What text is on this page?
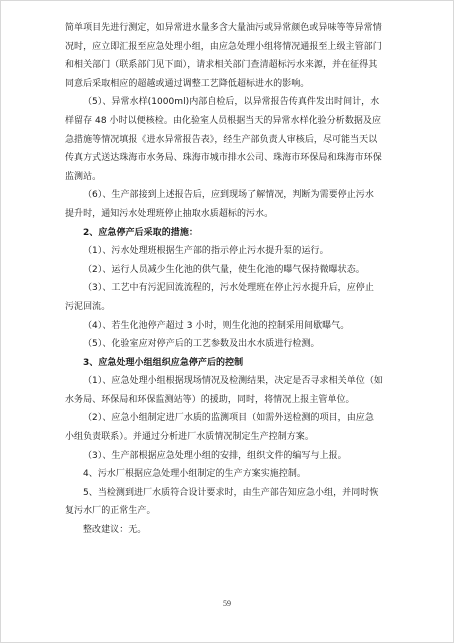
简单项目先进行测定，如异常进水量多含大量油污或异常颜色或异味等等异常情
况时，应立即汇报至应急处理小组，由应急处理小组将情况通报至上级主管部门
和相关部门（联系部门见下面），请求相关部门查清超标污水来源，并在征得其
同意后采取相应的超越或通过调整工艺降低超标进水的影响。
（5）、异常水样(1000ml)内部自检后，以异常报告传真件发出时间计，水
样留存 48 小时以便核检。由化验室人员根据当天的异常水样化验分析数据及应
急措施等情况填报《进水异常报告表》，经生产部负责人审核后，尽可能当天以
传真方式送达珠海市水务局、珠海市城市排水公司、珠海市环保局和珠海市环保
监测站。
（6）、生产部接到上述报告后，应到现场了解情况，判断为需要停止污水
提升时，通知污水处理班停止抽取水质超标的污水。
2、应急停产后采取的措施：
（1）、污水处理班根据生产部的指示停止污水提升泵的运行。
（2）、运行人员减少生化池的供气量，使生化池的曝气保持微曝状态。
（3）、工艺中有污泥回流流程的，污水处理班在停止污水提升后，应停止
污泥回流。
（4）、若生化池停产超过 3 小时，则生化池的控制采用间歇曝气。
（5）、化验室应对停产后的工艺参数及出水水质进行检测。
3、应急处理小组组织应急停产后的控制
（1）、应急处理小组根据现场情况及检测结果，决定是否寻求相关单位（如
水务局、环保局和环保监测站等）的援助，同时，将情况上报主管单位。
（2）、应急小组制定进厂水质的监测项目（如需外送检测的项目，由应急
小组负责联系）。并通过分析进厂水质情况制定生产控制方案。
（3）、生产部根据应急处理小组的安排，组织文件的编写与上报。
4、污水厂根据应急处理小组制定的生产方案实施控制。
5、当检测到进厂水质符合设计要求时，由生产部告知应急小组，并同时恢
复污水厂的正常生产。
整改建议：无。
59
